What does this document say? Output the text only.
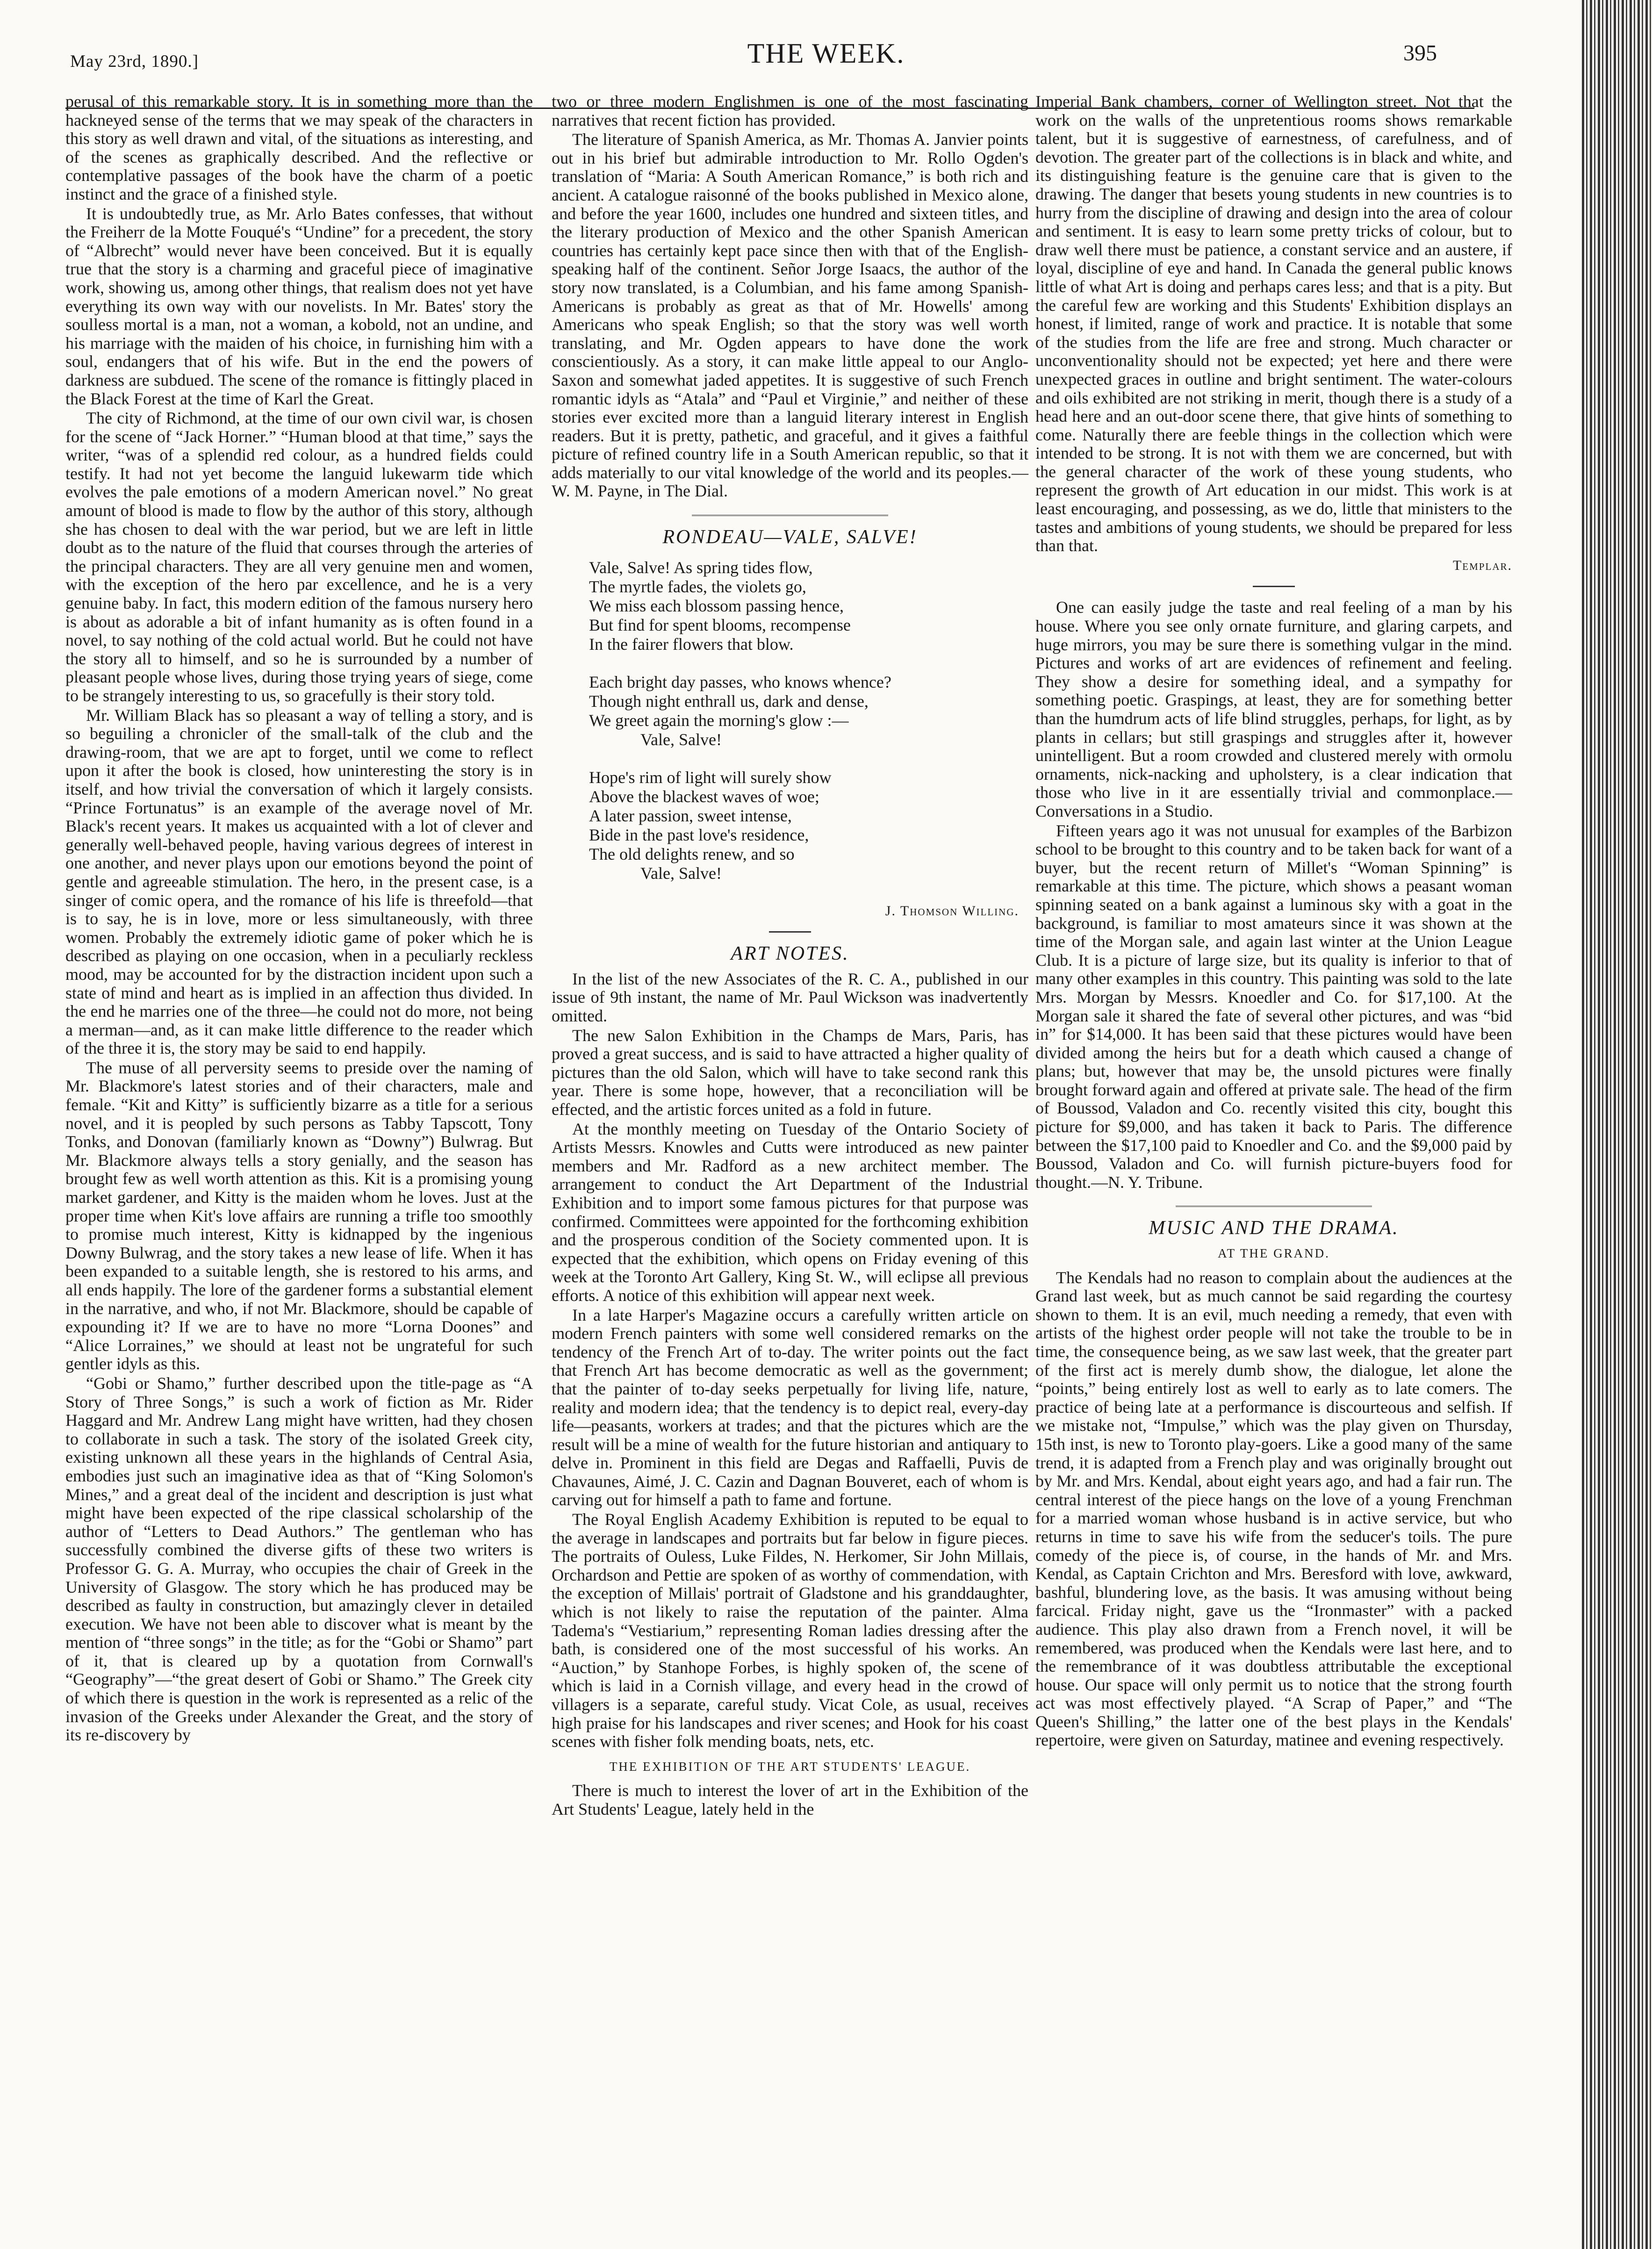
May 23rd, 1890.]	THE WEEK.	395

perusal of this remarkable story. It is in something more than the hackneyed sense of the terms that we may speak of the characters in this story as well drawn and vital, of the situations as interesting, and of the scenes as graphically described. And the reflective or contemplative passages of the book have the charm of a poetic instinct and the grace of a finished style.

It is undoubtedly true, as Mr. Arlo Bates confesses, that without the Freiherr de la Motte Fouqué's “Undine” for a precedent, the story of “Albrecht” would never have been conceived. But it is equally true that the story is a charming and graceful piece of imaginative work, showing us, among other things, that realism does not yet have everything its own way with our novelists. In Mr. Bates' story the soulless mortal is a man, not a woman, a kobold, not an undine, and his marriage with the maiden of his choice, in furnishing him with a soul, endangers that of his wife. But in the end the powers of darkness are subdued. The scene of the romance is fittingly placed in the Black Forest at the time of Karl the Great.

The city of Richmond, at the time of our own civil war, is chosen for the scene of “Jack Horner.” “Human blood at that time,” says the writer, “was of a splendid red colour, as a hundred fields could testify. It had not yet become the languid lukewarm tide which evolves the pale emotions of a modern American novel.” No great amount of blood is made to flow by the author of this story, although she has chosen to deal with the war period, but we are left in little doubt as to the nature of the fluid that courses through the arteries of the principal characters. They are all very genuine men and women, with the exception of the hero par excellence, and he is a very genuine baby. In fact, this modern edition of the famous nursery hero is about as adorable a bit of infant humanity as is often found in a novel, to say nothing of the cold actual world. But he could not have the story all to himself, and so he is surrounded by a number of pleasant people whose lives, during those trying years of siege, come to be strangely interesting to us, so gracefully is their story told.

Mr. William Black has so pleasant a way of telling a story, and is so beguiling a chronicler of the small-talk of the club and the drawing-room, that we are apt to forget, until we come to reflect upon it after the book is closed, how uninteresting the story is in itself, and how trivial the conversation of which it largely consists. “Prince Fortunatus” is an example of the average novel of Mr. Black's recent years. It makes us acquainted with a lot of clever and generally well-behaved people, having various degrees of interest in one another, and never plays upon our emotions beyond the point of gentle and agreeable stimulation. The hero, in the present case, is a singer of comic opera, and the romance of his life is threefold—that is to say, he is in love, more or less simultaneously, with three women. Probably the extremely idiotic game of poker which he is described as playing on one occasion, when in a peculiarly reckless mood, may be accounted for by the distraction incident upon such a state of mind and heart as is implied in an affection thus divided. In the end he marries one of the three—he could not do more, not being a merman—and, as it can make little difference to the reader which of the three it is, the story may be said to end happily.

The muse of all perversity seems to preside over the naming of Mr. Blackmore's latest stories and of their characters, male and female. “Kit and Kitty” is sufficiently bizarre as a title for a serious novel, and it is peopled by such persons as Tabby Tapscott, Tony Tonks, and Donovan (familiarly known as “Downy”) Bulwrag. But Mr. Blackmore always tells a story genially, and the season has brought few as well worth attention as this. Kit is a promising young market gardener, and Kitty is the maiden whom he loves. Just at the proper time when Kit's love affairs are running a trifle too smoothly to promise much interest, Kitty is kidnapped by the ingenious Downy Bulwrag, and the story takes a new lease of life. When it has been expanded to a suitable length, she is restored to his arms, and all ends happily. The lore of the gardener forms a substantial element in the narrative, and who, if not Mr. Blackmore, should be capable of expounding it? If we are to have no more “Lorna Doones” and “Alice Lorraines,” we should at least not be ungrateful for such gentler idyls as this.

“Gobi or Shamo,” further described upon the title-page as “A Story of Three Songs,” is such a work of fiction as Mr. Rider Haggard and Mr. Andrew Lang might have written, had they chosen to collaborate in such a task. The story of the isolated Greek city, existing unknown all these years in the highlands of Central Asia, embodies just such an imaginative idea as that of “King Solomon's Mines,” and a great deal of the incident and description is just what might have been expected of the ripe classical scholarship of the author of “Letters to Dead Authors.” The gentleman who has successfully combined the diverse gifts of these two writers is Professor G. G. A. Murray, who occupies the chair of Greek in the University of Glasgow. The story which he has produced may be described as faulty in construction, but amazingly clever in detailed execution. We have not been able to discover what is meant by the mention of “three songs” in the title; as for the “Gobi or Shamo” part of it, that is cleared up by a quotation from Cornwall's “Geography”—“the great desert of Gobi or Shamo.” The Greek city of which there is question in the work is represented as a relic of the invasion of the Greeks under Alexander the Great, and the story of its re-discovery by

two or three modern Englishmen is one of the most fascinating narratives that recent fiction has provided.

The literature of Spanish America, as Mr. Thomas A. Janvier points out in his brief but admirable introduction to Mr. Rollo Ogden's translation of “Maria: A South American Romance,” is both rich and ancient. A catalogue raisonné of the books published in Mexico alone, and before the year 1600, includes one hundred and sixteen titles, and the literary production of Mexico and the other Spanish American countries has certainly kept pace since then with that of the English-speaking half of the continent. Señor Jorge Isaacs, the author of the story now translated, is a Columbian, and his fame among Spanish-Americans is probably as great as that of Mr. Howells' among Americans who speak English; so that the story was well worth translating, and Mr. Ogden appears to have done the work conscientiously. As a story, it can make little appeal to our Anglo-Saxon and somewhat jaded appetites. It is suggestive of such French romantic idyls as “Atala” and “Paul et Virginie,” and neither of these stories ever excited more than a languid literary interest in English readers. But it is pretty, pathetic, and graceful, and it gives a faithful picture of refined country life in a South American republic, so that it adds materially to our vital knowledge of the world and its peoples.—W. M. Payne, in The Dial.

RONDEAU—VALE, SALVE!
Vale, Salve! As spring tides flow,
The myrtle fades, the violets go,
We miss each blossom passing hence,
But find for spent blooms, recompense
In the fairer flowers that blow.
Each bright day passes, who knows whence?
Though night enthrall us, dark and dense,
We greet again the morning's glow :—
Vale, Salve!
Hope's rim of light will surely show
Above the blackest waves of woe;
A later passion, sweet intense,
Bide in the past love's residence,
The old delights renew, and so
Vale, Salve!
J. Thomson Willing.
ART NOTES.

In the list of the new Associates of the R. C. A., published in our issue of 9th instant, the name of Mr. Paul Wickson was inadvertently omitted.

The new Salon Exhibition in the Champs de Mars, Paris, has proved a great success, and is said to have attracted a higher quality of pictures than the old Salon, which will have to take second rank this year. There is some hope, however, that a reconciliation will be effected, and the artistic forces united as a fold in future.

At the monthly meeting on Tuesday of the Ontario Society of Artists Messrs. Knowles and Cutts were introduced as new painter members and Mr. Radford as a new architect member. The arrangement to conduct the Art Department of the Industrial Exhibition and to import some famous pictures for that purpose was confirmed. Committees were appointed for the forthcoming exhibition and the prosperous condition of the Society commented upon. It is expected that the exhibition, which opens on Friday evening of this week at the Toronto Art Gallery, King St. W., will eclipse all previous efforts. A notice of this exhibition will appear next week.

In a late Harper's Magazine occurs a carefully written article on modern French painters with some well considered remarks on the tendency of the French Art of to-day. The writer points out the fact that French Art has become democratic as well as the government; that the painter of to-day seeks perpetually for living life, nature, reality and modern idea; that the tendency is to depict real, every-day life—peasants, workers at trades; and that the pictures which are the result will be a mine of wealth for the future historian and antiquary to delve in. Prominent in this field are Degas and Raffaelli, Puvis de Chavaunes, Aimé, J. C. Cazin and Dagnan Bouveret, each of whom is carving out for himself a path to fame and fortune.

The Royal English Academy Exhibition is reputed to be equal to the average in landscapes and portraits but far below in figure pieces. The portraits of Ouless, Luke Fildes, N. Herkomer, Sir John Millais, Orchardson and Pettie are spoken of as worthy of commendation, with the exception of Millais' portrait of Gladstone and his granddaughter, which is not likely to raise the reputation of the painter. Alma Tadema's “Vestiarium,” representing Roman ladies dressing after the bath, is considered one of the most successful of his works. An “Auction,” by Stanhope Forbes, is highly spoken of, the scene of which is laid in a Cornish village, and every head in the crowd of villagers is a separate, careful study. Vicat Cole, as usual, receives high praise for his landscapes and river scenes; and Hook for his coast scenes with fisher folk mending boats, nets, etc.

THE EXHIBITION OF THE ART STUDENTS' LEAGUE.

There is much to interest the lover of art in the Exhibition of the Art Students' League, lately held in the

Imperial Bank chambers, corner of Wellington street. Not that the work on the walls of the unpretentious rooms shows remarkable talent, but it is suggestive of earnestness, of carefulness, and of devotion. The greater part of the collections is in black and white, and its distinguishing feature is the genuine care that is given to the drawing. The danger that besets young students in new countries is to hurry from the discipline of drawing and design into the area of colour and sentiment. It is easy to learn some pretty tricks of colour, but to draw well there must be patience, a constant service and an austere, if loyal, discipline of eye and hand. In Canada the general public knows little of what Art is doing and perhaps cares less; and that is a pity. But the careful few are working and this Students' Exhibition displays an honest, if limited, range of work and practice. It is notable that some of the studies from the life are free and strong. Much character or unconventionality should not be expected; yet here and there were unexpected graces in outline and bright sentiment. The water-colours and oils exhibited are not striking in merit, though there is a study of a head here and an out-door scene there, that give hints of something to come. Naturally there are feeble things in the collection which were intended to be strong. It is not with them we are concerned, but with the general character of the work of these young students, who represent the growth of Art education in our midst. This work is at least encouraging, and possessing, as we do, little that ministers to the tastes and ambitions of young students, we should be prepared for less than that.

Templar.

One can easily judge the taste and real feeling of a man by his house. Where you see only ornate furniture, and glaring carpets, and huge mirrors, you may be sure there is something vulgar in the mind. Pictures and works of art are evidences of refinement and feeling. They show a desire for something ideal, and a sympathy for something poetic. Graspings, at least, they are for something better than the humdrum acts of life blind struggles, perhaps, for light, as by plants in cellars; but still graspings and struggles after it, however unintelligent. But a room crowded and clustered merely with ormolu ornaments, nick-nacking and upholstery, is a clear indication that those who live in it are essentially trivial and commonplace.—Conversations in a Studio.

Fifteen years ago it was not unusual for examples of the Barbizon school to be brought to this country and to be taken back for want of a buyer, but the recent return of Millet's “Woman Spinning” is remarkable at this time. The picture, which shows a peasant woman spinning seated on a bank against a luminous sky with a goat in the background, is familiar to most amateurs since it was shown at the time of the Morgan sale, and again last winter at the Union League Club. It is a picture of large size, but its quality is inferior to that of many other examples in this country. This painting was sold to the late Mrs. Morgan by Messrs. Knoedler and Co. for $17,100. At the Morgan sale it shared the fate of several other pictures, and was “bid in” for $14,000. It has been said that these pictures would have been divided among the heirs but for a death which caused a change of plans; but, however that may be, the unsold pictures were finally brought forward again and offered at private sale. The head of the firm of Boussod, Valadon and Co. recently visited this city, bought this picture for $9,000, and has taken it back to Paris. The difference between the $17,100 paid to Knoedler and Co. and the $9,000 paid by Boussod, Valadon and Co. will furnish picture-buyers food for thought.—N. Y. Tribune.

MUSIC AND THE DRAMA.
AT THE GRAND.

The Kendals had no reason to complain about the audiences at the Grand last week, but as much cannot be said regarding the courtesy shown to them. It is an evil, much needing a remedy, that even with artists of the highest order people will not take the trouble to be in time, the consequence being, as we saw last week, that the greater part of the first act is merely dumb show, the dialogue, let alone the “points,” being entirely lost as well to early as to late comers. The practice of being late at a performance is discourteous and selfish. If we mistake not, “Impulse,” which was the play given on Thursday, 15th inst, is new to Toronto play-goers. Like a good many of the same trend, it is adapted from a French play and was originally brought out by Mr. and Mrs. Kendal, about eight years ago, and had a fair run. The central interest of the piece hangs on the love of a young Frenchman for a married woman whose husband is in active service, but who returns in time to save his wife from the seducer's toils. The pure comedy of the piece is, of course, in the hands of Mr. and Mrs. Kendal, as Captain Crichton and Mrs. Beresford with love, awkward, bashful, blundering love, as the basis. It was amusing without being farcical. Friday night, gave us the “Ironmaster” with a packed audience. This play also drawn from a French novel, it will be remembered, was produced when the Kendals were last here, and to the remembrance of it was doubtless attributable the exceptional house. Our space will only permit us to notice that the strong fourth act was most effectively played. “A Scrap of Paper,” and “The Queen's Shilling,” the latter one of the best plays in the Kendals' repertoire, were given on Saturday, matinee and evening respectively.
